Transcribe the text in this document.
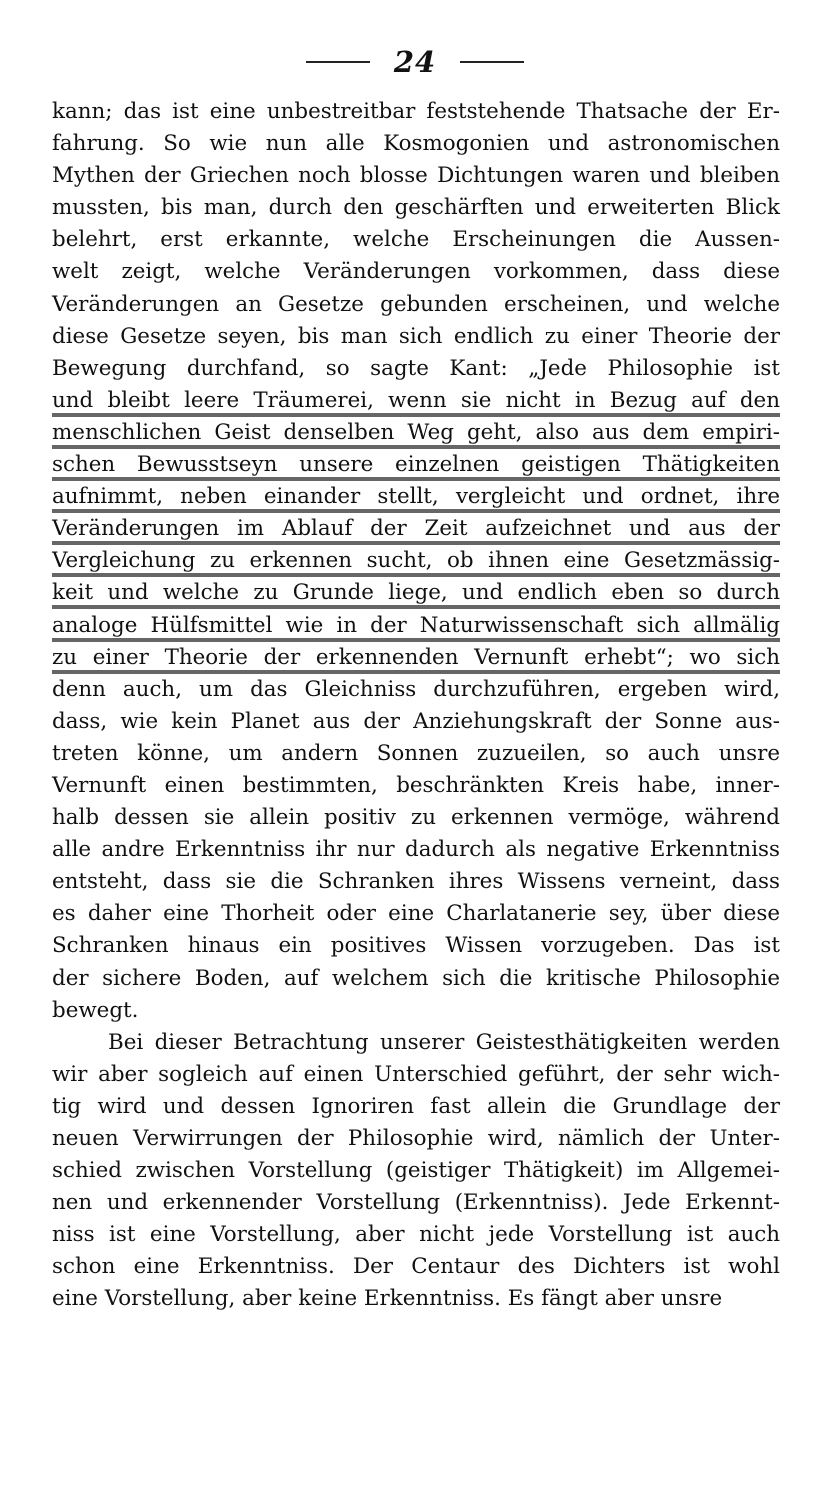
24
kann; das ist eine unbestreitbar feststehende Thatsache der Er-
fahrung. So wie nun alle Kosmogonien und astronomischen
Mythen der Griechen noch blosse Dichtungen waren und bleiben
mussten, bis man, durch den geschärften und erweiterten Blick
belehrt, erst erkannte, welche Erscheinungen die Aussen-
welt zeigt, welche Veränderungen vorkommen, dass diese
Veränderungen an Gesetze gebunden erscheinen, und welche
diese Gesetze seyen, bis man sich endlich zu einer Theorie der
Bewegung durchfand, so sagte Kant: „Jede Philosophie ist
und bleibt leere Träumerei, wenn sie nicht in Bezug auf den
menschlichen Geist denselben Weg geht, also aus dem empiri-
schen Bewusstseyn unsere einzelnen geistigen Thätigkeiten
aufnimmt, neben einander stellt, vergleicht und ordnet, ihre
Veränderungen im Ablauf der Zeit aufzeichnet und aus der
Vergleichung zu erkennen sucht, ob ihnen eine Gesetzmässig-
keit und welche zu Grunde liege, und endlich eben so durch
analoge Hülfsmittel wie in der Naturwissenschaft sich allmälig
zu einer Theorie der erkennenden Vernunft erhebt“; wo sich
denn auch, um das Gleichniss durchzuführen, ergeben wird,
dass, wie kein Planet aus der Anziehungskraft der Sonne aus-
treten könne, um andern Sonnen zuzueilen, so auch unsre
Vernunft einen bestimmten, beschränkten Kreis habe, inner-
halb dessen sie allein positiv zu erkennen vermöge, während
alle andre Erkenntniss ihr nur dadurch als negative Erkenntniss
entsteht, dass sie die Schranken ihres Wissens verneint, dass
es daher eine Thorheit oder eine Charlatanerie sey, über diese
Schranken hinaus ein positives Wissen vorzugeben. Das ist
der sichere Boden, auf welchem sich die kritische Philosophie
bewegt.
Bei dieser Betrachtung unserer Geistesthätigkeiten werden
wir aber sogleich auf einen Unterschied geführt, der sehr wich-
tig wird und dessen Ignoriren fast allein die Grundlage der
neuen Verwirrungen der Philosophie wird, nämlich der Unter-
schied zwischen Vorstellung (geistiger Thätigkeit) im Allgemei-
nen und erkennender Vorstellung (Erkenntniss). Jede Erkennt-
niss ist eine Vorstellung, aber nicht jede Vorstellung ist auch
schon eine Erkenntniss. Der Centaur des Dichters ist wohl
eine Vorstellung, aber keine Erkenntniss. Es fängt aber unsre
